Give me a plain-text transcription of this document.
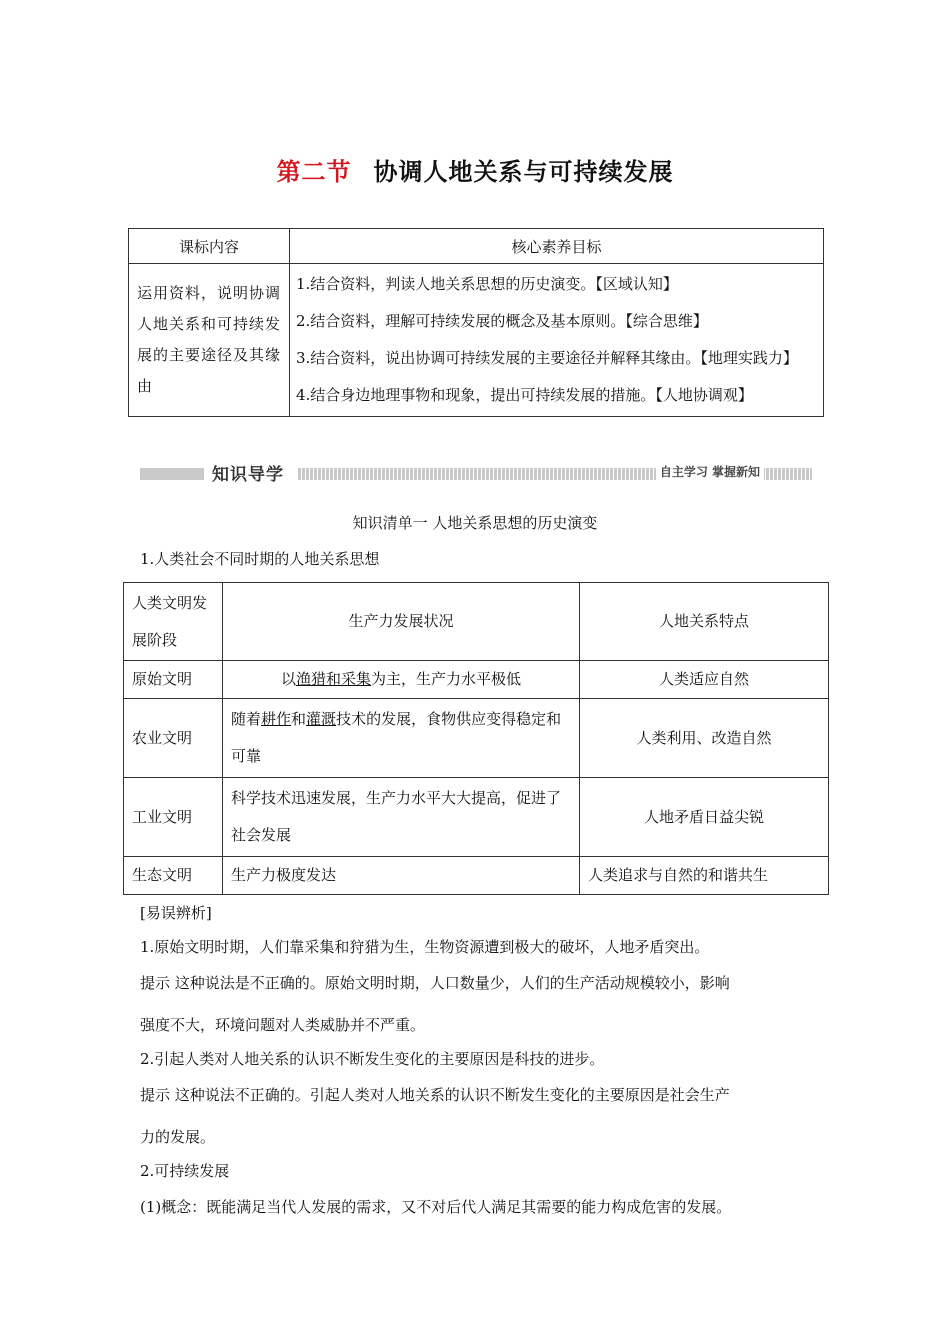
第二节 协调人地关系与可持续发展
课标内容	核心素养目标
运用资料，说明协调人地关系和可持续发展的主要途径及其缘由	1.结合资料，判读人地关系思想的历史演变。【区域认知】
2.结合资料，理解可持续发展的概念及基本原则。【综合思维】
3.结合资料，说出协调可持续发展的主要途径并解释其缘由。【地理实践力】
4.结合身边地理事物和现象，提出可持续发展的措施。【人地协调观】
知识导学	自主学习 掌握新知
知识清单一 人地关系思想的历史演变
1.人类社会不同时期的人地关系思想
人类文明发展阶段	生产力发展状况	人地关系特点
原始文明	以渔猎和采集为主，生产力水平极低	人类适应自然
农业文明	随着耕作和灌溉技术的发展，食物供应变得稳定和可靠	人类利用、改造自然
工业文明	科学技术迅速发展，生产力水平大大提高，促进了社会发展	人地矛盾日益尖锐
生态文明	生产力极度发达	人类追求与自然的和谐共生
[易误辨析]
1.原始文明时期，人们靠采集和狩猎为生，生物资源遭到极大的破坏，人地矛盾突出。
提示 这种说法是不正确的。原始文明时期，人口数量少，人们的生产活动规模较小，影响
强度不大，环境问题对人类威胁并不严重。
2.引起人类对人地关系的认识不断发生变化的主要原因是科技的进步。
提示 这种说法不正确的。引起人类对人地关系的认识不断发生变化的主要原因是社会生产
力的发展。
2.可持续发展
(1)概念：既能满足当代人发展的需求，又不对后代人满足其需要的能力构成危害的发展。
